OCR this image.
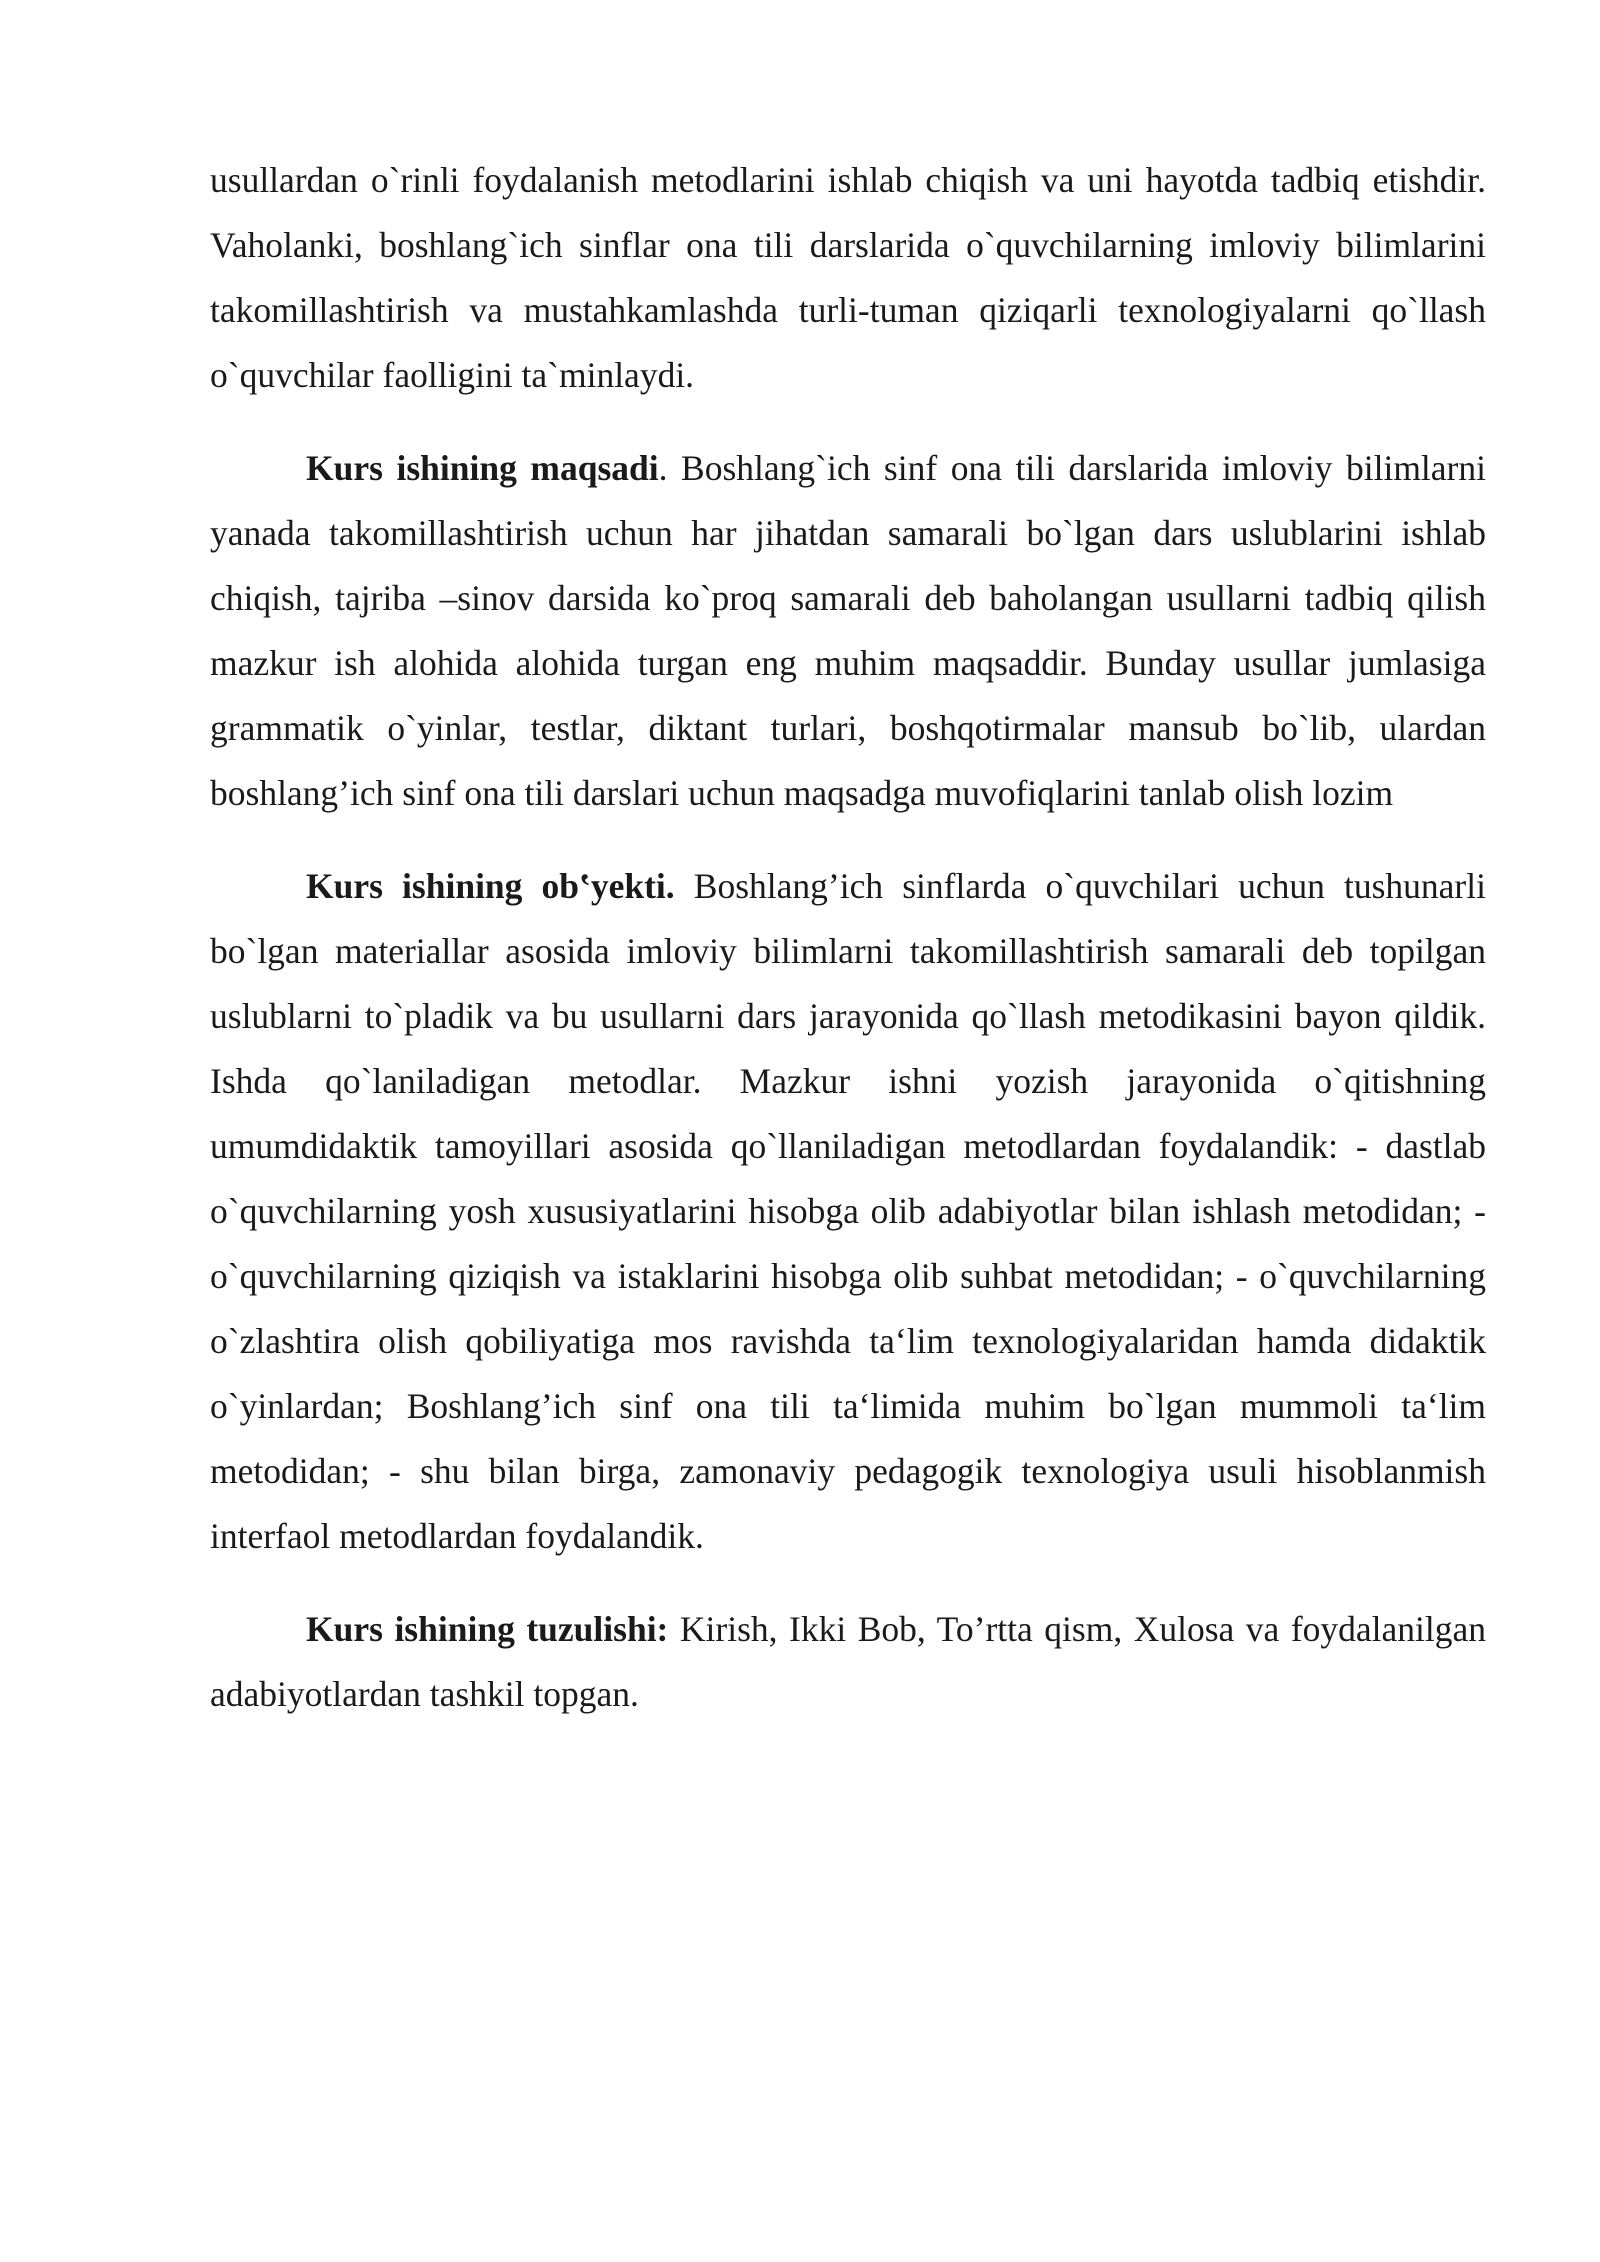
usullardan o`rinli foydalanish metodlarini ishlab chiqish va uni hayotda tadbiq etishdir. Vaholanki, boshlang`ich sinflar ona tili darslarida o`quvchilarning imloviy bilimlarini takomillashtirish va mustahkamlashda turli-tuman qiziqarli texnologiyalarni qo`llash o`quvchilar faolligini ta`minlaydi.

Kurs ishining maqsadi. Boshlang`ich sinf ona tili darslarida imloviy bilimlarni yanada takomillashtirish uchun har jihatdan samarali bo`lgan dars uslublarini ishlab chiqish, tajriba –sinov darsida ko`proq samarali deb baholangan usullarni tadbiq qilish mazkur ish alohida alohida turgan eng muhim maqsaddir. Bunday usullar jumlasiga grammatik o`yinlar, testlar, diktant turlari, boshqotirmalar mansub bo`lib, ulardan boshlang’ich sinf ona tili darslari uchun maqsadga muvofiqlarini tanlab olish lozim

Kurs ishining ob‛yekti. Boshlang’ich sinflarda o`quvchilari uchun tushunarli bo`lgan materiallar asosida imloviy bilimlarni takomillashtirish samarali deb topilgan uslublarni to`pladik va bu usullarni dars jarayonida qo`llash metodikasini bayon qildik. Ishda qo`laniladigan metodlar. Mazkur ishni yozish jarayonida o`qitishning umumdidaktik tamoyillari asosida qo`llaniladigan metodlardan foydalandik: - dastlab o`quvchilarning yosh xususiyatlarini hisobga olib adabiyotlar bilan ishlash metodidan; - o`quvchilarning qiziqish va istaklarini hisobga olib suhbat metodidan; - o`quvchilarning o`zlashtira olish qobiliyatiga mos ravishda ta‘lim texnologiyalaridan hamda didaktik o`yinlardan; Boshlang’ich sinf ona tili ta‘limida muhim bo`lgan mummoli ta‘lim metodidan; - shu bilan birga, zamonaviy pedagogik texnologiya usuli hisoblanmish interfaol metodlardan foydalandik.

Kurs ishining tuzulishi: Kirish, Ikki Bob, To’rtta qism, Xulosa va foydalanilgan adabiyotlardan tashkil topgan.
